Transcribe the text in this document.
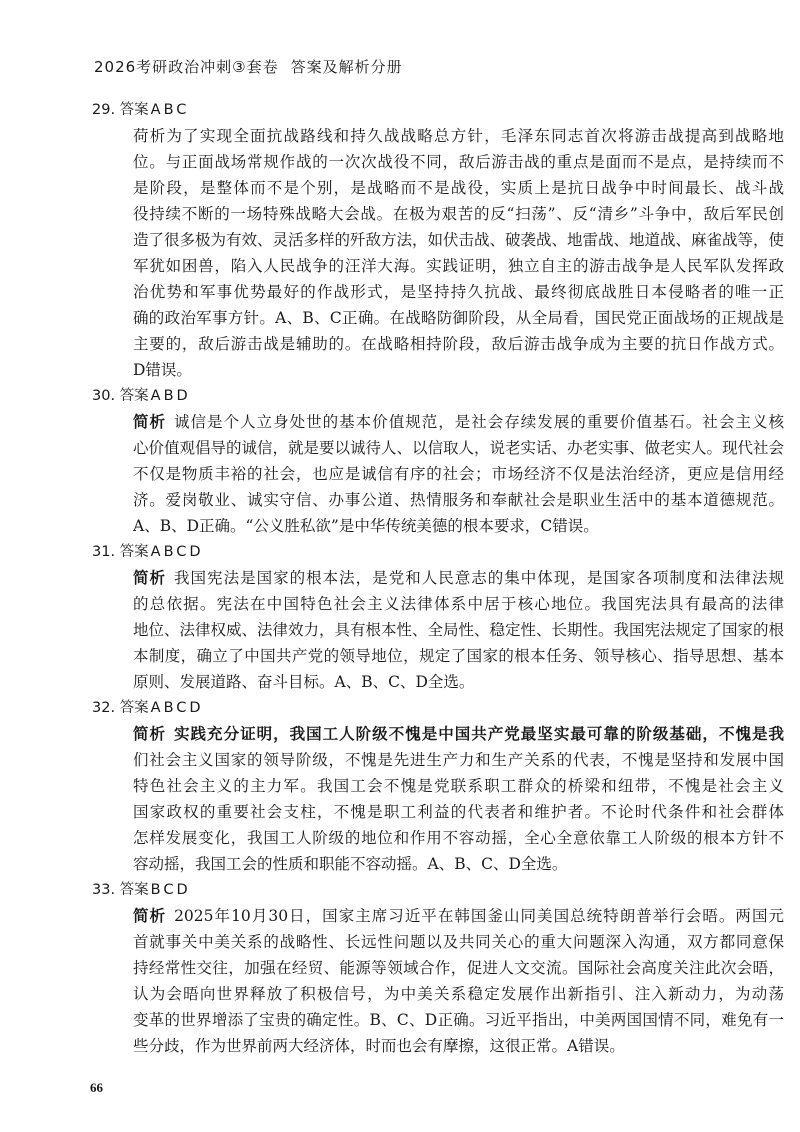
2026考研政治冲刺③套卷 答案及解析分册
29. 答案 ABC
荷析为了实现全面抗战路线和持久战战略总方针，毛泽东同志首次将游击战提高到战略地
位。与正面战场常规作战的一次次战役不同，敌后游击战的重点是面而不是点，是持续而不
是阶段，是整体而不是个别，是战略而不是战役，实质上是抗日战争中时间最长、战斗战
役持续不断的一场特殊战略大会战。在极为艰苦的反“扫荡”、反“清乡”斗争中，敌后军民创
造了很多极为有效、灵活多样的歼敌方法，如伏击战、破袭战、地雷战、地道战、麻雀战等，使
军犹如困兽，陷入人民战争的汪洋大海。实践证明，独立自主的游击战争是人民军队发挥政
治优势和军事优势最好的作战形式，是坚持持久抗战、最终彻底战胜日本侵略者的唯一正
确的政治军事方针。A、B、C正确。在战略防御阶段，从全局看，国民党正面战场的正规战是
主要的，敌后游击战是辅助的。在战略相持阶段，敌后游击战争成为主要的抗日作战方式。
D错误。
30. 答案 ABD
简析 诚信是个人立身处世的基本价值规范，是社会存续发展的重要价值基石。社会主义核
心价值观倡导的诚信，就是要以诚待人、以信取人，说老实话、办老实事、做老实人。现代社会
不仅是物质丰裕的社会，也应是诚信有序的社会；市场经济不仅是法治经济，更应是信用经
济。爱岗敬业、诚实守信、办事公道、热情服务和奉献社会是职业生活中的基本道德规范。
A、B、D正确。“公义胜私欲”是中华传统美德的根本要求，C错误。
31. 答案 ABCD
简析 我国宪法是国家的根本法，是党和人民意志的集中体现，是国家各项制度和法律法规
的总依据。宪法在中国特色社会主义法律体系中居于核心地位。我国宪法具有最高的法律
地位、法律权威、法律效力，具有根本性、全局性、稳定性、长期性。我国宪法规定了国家的根
本制度，确立了中国共产党的领导地位，规定了国家的根本任务、领导核心、指导思想、基本
原则、发展道路、奋斗目标。A、B、C、D全选。
32. 答案 ABCD
简析 实践充分证明，我国工人阶级不愧是中国共产党最坚实最可靠的阶级基础，不愧是我
们社会主义国家的领导阶级，不愧是先进生产力和生产关系的代表，不愧是坚持和发展中国
特色社会主义的主力军。我国工会不愧是党联系职工群众的桥梁和纽带，不愧是社会主义
国家政权的重要社会支柱，不愧是职工利益的代表者和维护者。不论时代条件和社会群体
怎样发展变化，我国工人阶级的地位和作用不容动摇，全心全意依靠工人阶级的根本方针不
容动摇，我国工会的性质和职能不容动摇。A、B、C、D全选。
33. 答案 BCD
简析 2025年10月30日，国家主席习近平在韩国釜山同美国总统特朗普举行会晤。两国元
首就事关中美关系的战略性、长远性问题以及共同关心的重大问题深入沟通，双方都同意保
持经常性交往，加强在经贸、能源等领域合作，促进人文交流。国际社会高度关注此次会晤，
认为会晤向世界释放了积极信号，为中美关系稳定发展作出新指引、注入新动力，为动荡
变革的世界增添了宝贵的确定性。B、C、D正确。习近平指出，中美两国国情不同，难免有一
些分歧，作为世界前两大经济体，时而也会有摩擦，这很正常。A错误。
66
